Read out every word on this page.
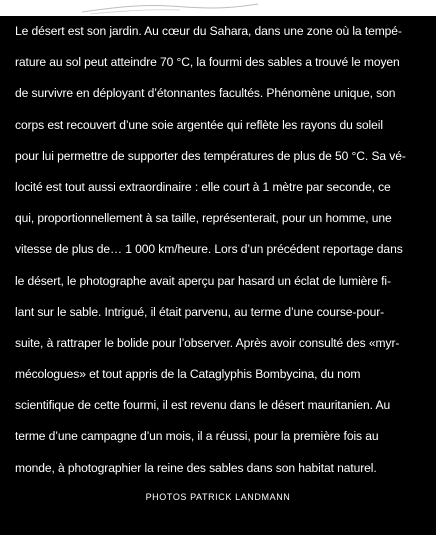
Le désert est son jardin. Au cœur du Sahara, dans une zone où la tempé-
rature au sol peut atteindre 70 °C, la fourmi des sables a trouvé le moyen
de survivre en déployant d’étonnantes facultés. Phénomène unique, son
corps est recouvert d’une soie argentée qui reflète les rayons du soleil
pour lui permettre de supporter des températures de plus de 50 °C. Sa vé-
locité est tout aussi extraordinaire : elle court à 1 mètre par seconde, ce
qui, proportionnellement à sa taille, représenterait, pour un homme, une
vitesse de plus de… 1 000 km/heure. Lors d’un précédent reportage dans
le désert, le photographe avait aperçu par hasard un éclat de lumière fi-
lant sur le sable. Intrigué, il était parvenu, au terme d’une course-pour-
suite, à rattraper le bolide pour l’observer. Après avoir consulté des «myr-
mécologues» et tout appris de la Cataglyphis Bombycina, du nom
scientifique de cette fourmi, il est revenu dans le désert mauritanien. Au
terme d’une campagne d’un mois, il a réussi, pour la première fois au
monde, à photographier la reine des sables dans son habitat naturel.
PHOTOS PATRICK LANDMANN
